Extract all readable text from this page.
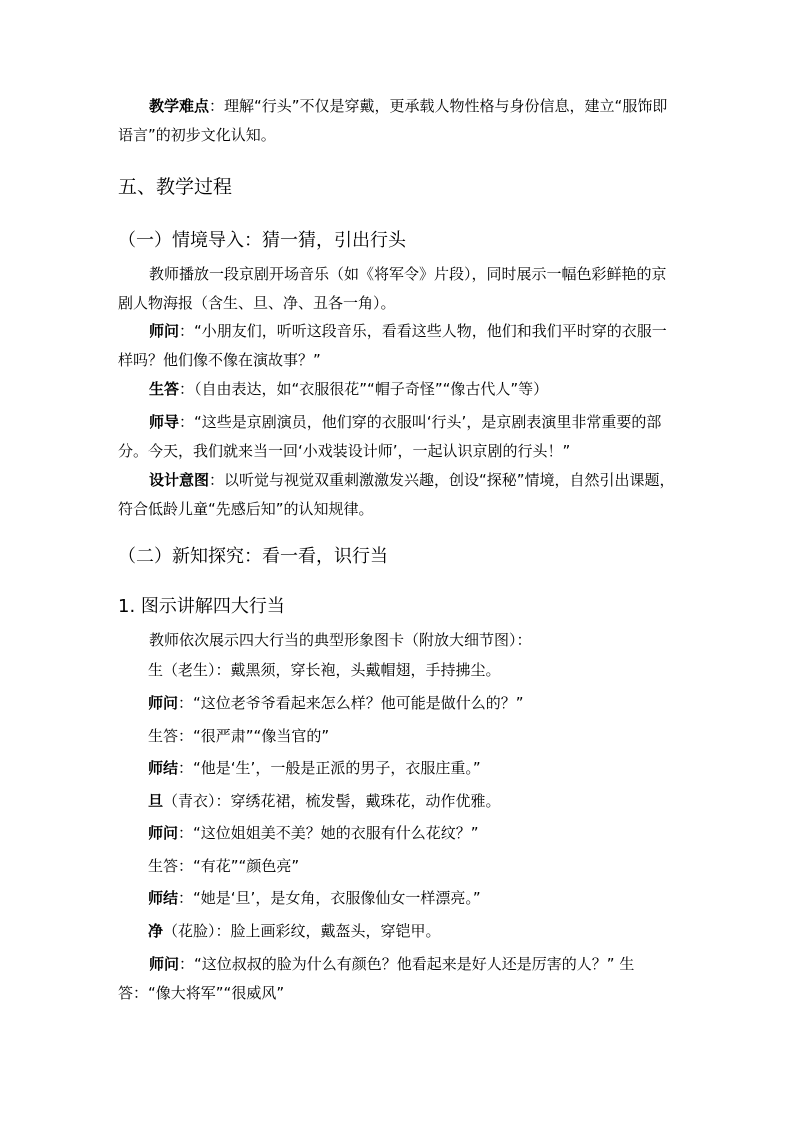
教学难点：理解“行头”不仅是穿戴，更承载人物性格与身份信息，建立“服饰即语言”的初步文化认知。

五、教学过程
（一）情境导入：猜一猜，引出行头

教师播放一段京剧开场音乐（如《将军令》片段），同时展示一幅色彩鲜艳的京剧人物海报（含生、旦、净、丑各一角）。

师问：“小朋友们，听听这段音乐，看看这些人物，他们和我们平时穿的衣服一样吗？他们像不像在演故事？”

生答：（自由表达，如“衣服很花”“帽子奇怪”“像古代人”等）

师导：“这些是京剧演员，他们穿的衣服叫‘行头’，是京剧表演里非常重要的部分。今天，我们就来当一回‘小戏装设计师’，一起认识京剧的行头！”

设计意图：以听觉与视觉双重刺激激发兴趣，创设“探秘”情境，自然引出课题，符合低龄儿童“先感后知”的认知规律。

（二）新知探究：看一看，识行当
1. 图示讲解四大行当

教师依次展示四大行当的典型形象图卡（附放大细节图）：

生（老生）：戴黑须，穿长袍，头戴帽翅，手持拂尘。

师问：“这位老爷爷看起来怎么样？他可能是做什么的？”

生答：“很严肃”“像当官的”

师结：“他是‘生’，一般是正派的男子，衣服庄重。”

旦（青衣）：穿绣花裙，梳发髻，戴珠花，动作优雅。

师问：“这位姐姐美不美？她的衣服有什么花纹？”

生答：“有花”“颜色亮”

师结：“她是‘旦’，是女角，衣服像仙女一样漂亮。”

净（花脸）：脸上画彩纹，戴盔头，穿铠甲。

师问：“这位叔叔的脸为什么有颜色？他看起来是好人还是厉害的人？” 生答：“像大将军”“很威风”
